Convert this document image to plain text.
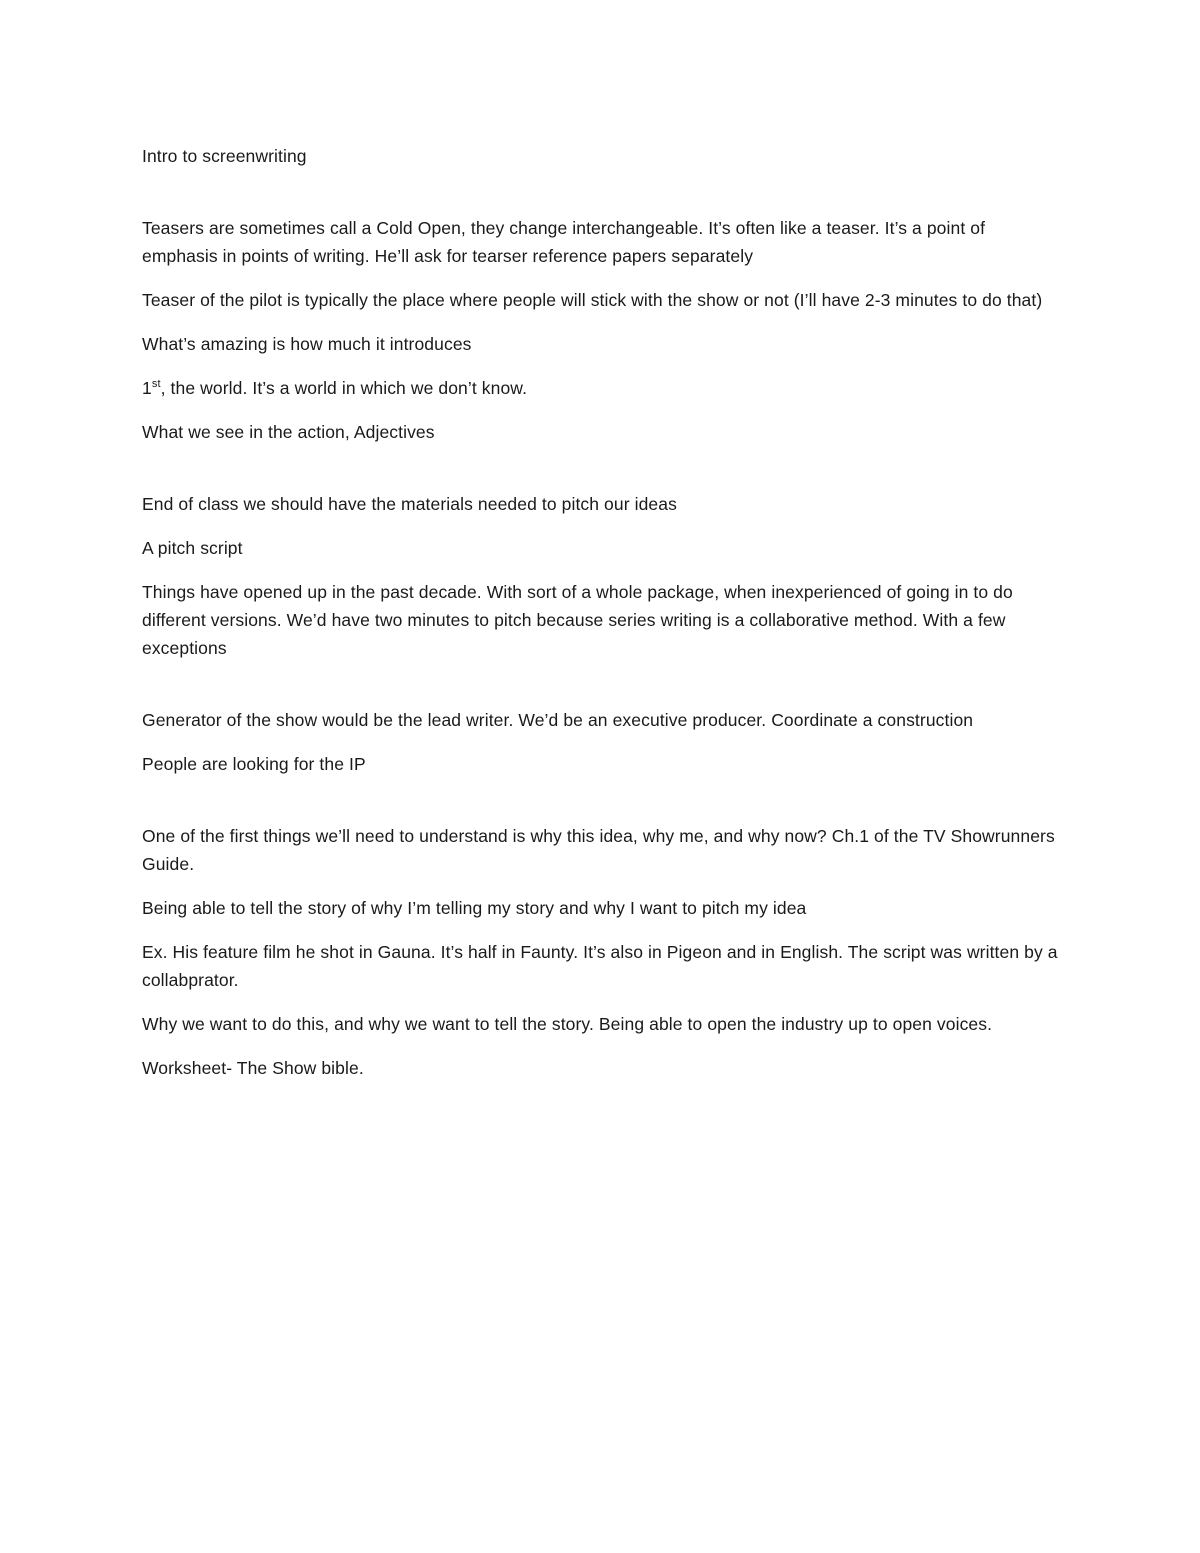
Intro to screenwriting

Teasers are sometimes call a Cold Open, they change interchangeable. It’s often like a teaser. It’s a point of emphasis in points of writing. He’ll ask for tearser reference papers separately

Teaser of the pilot is typically the place where people will stick with the show or not (I’ll have 2-3 minutes to do that)

What’s amazing is how much it introduces

1st, the world. It’s a world in which we don’t know.

What we see in the action, Adjectives

End of class we should have the materials needed to pitch our ideas

A pitch script

Things have opened up in the past decade. With sort of a whole package, when inexperienced of going in to do different versions. We’d have two minutes to pitch because series writing is a collaborative method. With a few exceptions

Generator of the show would be the lead writer. We’d be an executive producer. Coordinate a construction

People are looking for the IP

One of the first things we’ll need to understand is why this idea, why me, and why now? Ch.1 of the TV Showrunners Guide.

Being able to tell the story of why I’m telling my story and why I want to pitch my idea

Ex. His feature film he shot in Gauna. It’s half in Faunty. It’s also in Pigeon and in English. The script was written by a collabprator.

Why we want to do this, and why we want to tell the story. Being able to open the industry up to open voices.

Worksheet- The Show bible.
